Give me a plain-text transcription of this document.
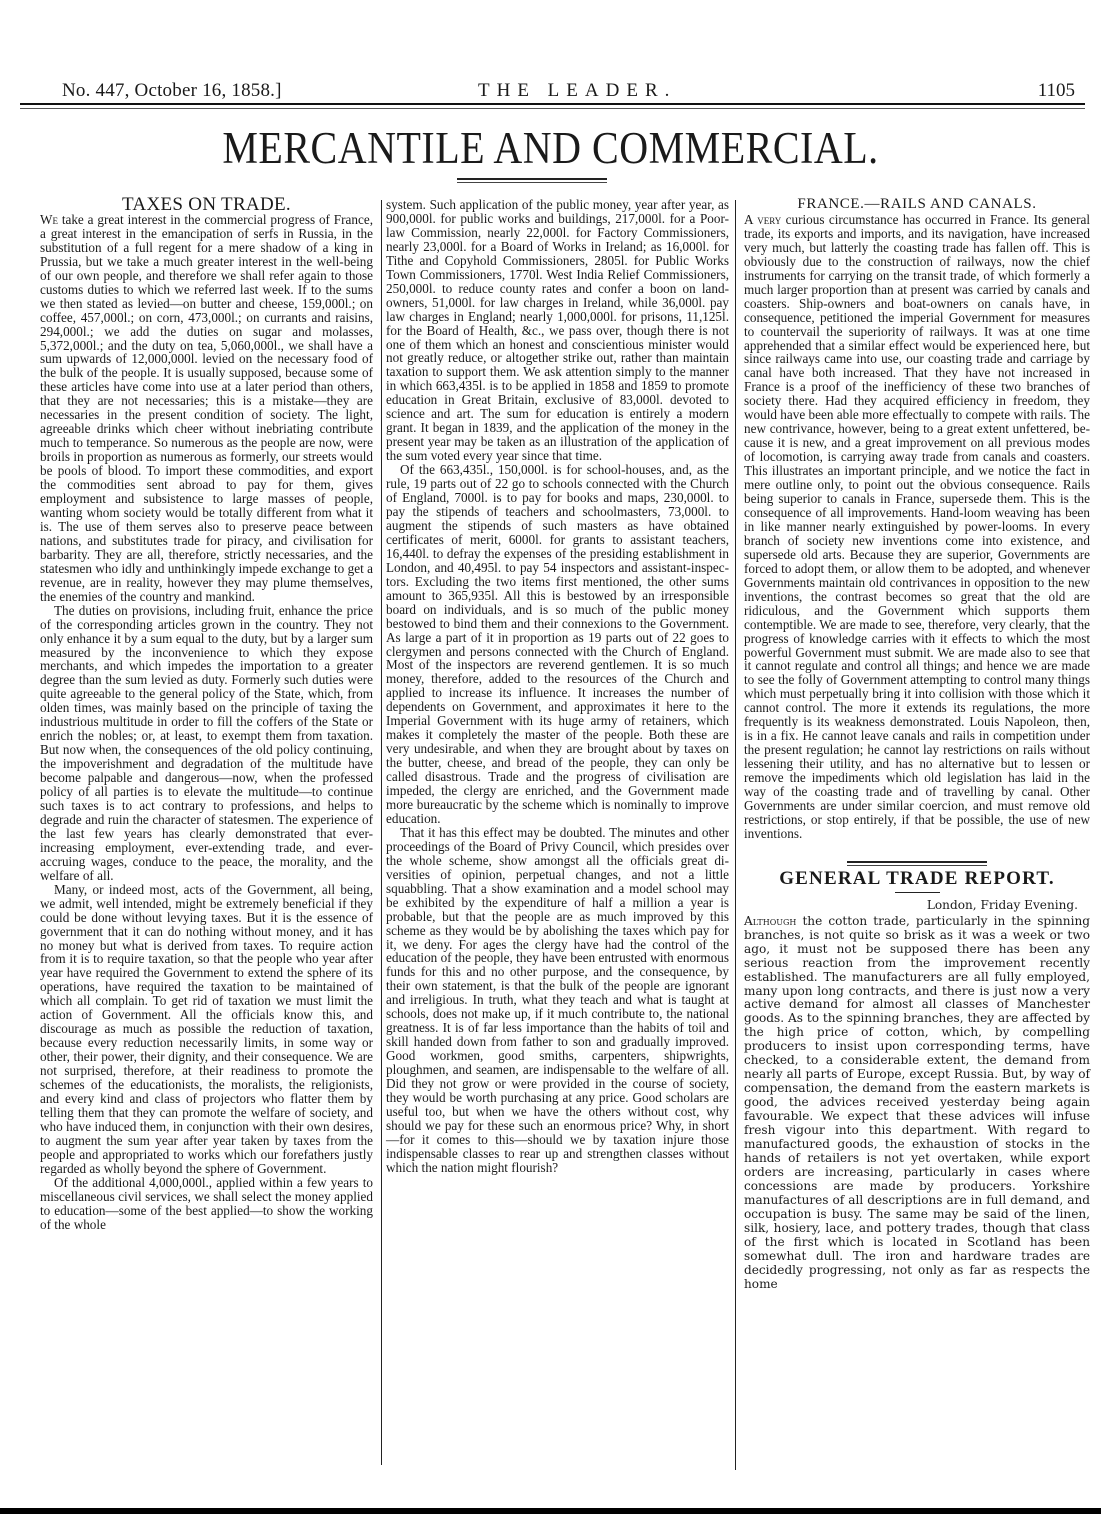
No. 447, October 16, 1858.]	THE LEADER.	1105
MERCANTILE AND COMMERCIAL.
TAXES ON TRADE.

We take a great interest in the commercial progress of France, a great interest in the emancipation of serfs in Russia, in the substitution of a full regent for a mere shadow of a king in Prussia, but we take a much greater interest in the well-being of our own people, and therefore we shall refer again to those customs duties to which we referred last week. If to the sums we then stated as levied—on butter and cheese, 159,000l.; on coffee, 457,000l.; on corn, 473,000l.; on currants and raisins, 294,000l.; we add the duties on sugar and molasses, 5,372,000l.; and the duty on tea, 5,060,000l., we shall have a sum upwards of 12,000,000l. levied on the necessary food of the bulk of the people. It is usually supposed, because some of these articles have come into use at a later period than others, that they are not necessaries; this is a mistake—they are necessaries in the present condition of society. The light, agreeable drinks which cheer without inebriating contribute much to temperance. So numerous as the people are now, were broils in proportion as numerous as formerly, our streets would be pools of blood. To import these commodities, and export the commodities sent abroad to pay for them, gives employment and subsistence to large masses of people, wanting whom society would be totally different from what it is. The use of them serves also to preserve peace between nations, and substitutes trade for piracy, and civilisation for barbarity. They are all, therefore, strictly necessaries, and the statesmen who idly and unthinkingly impede exchange to get a revenue, are in reality, however they may plume themselves, the enemies of the country and mankind.

The duties on provisions, including fruit, enhance the price of the corresponding articles grown in the country. They not only enhance it by a sum equal to the duty, but by a larger sum measured by the inconvenience to which they expose merchants, and which impedes the importation to a greater degree than the sum levied as duty. Formerly such duties were quite agreeable to the general policy of the State, which, from olden times, was mainly based on the principle of taxing the industrious multitude in order to fill the coffers of the State or enrich the nobles; or, at least, to exempt them from taxation. But now when, the consequences of the old policy continuing, the impoverishment and degradation of the multitude have become palpable and dangerous—now, when the professed policy of all parties is to elevate the multitude—to continue such taxes is to act contrary to professions, and helps to degrade and ruin the character of statesmen. The experience of the last few years has clearly demonstrated that ever-increasing employment, ever-extending trade, and ever-accruing wages, conduce to the peace, the morality, and the welfare of all.

Many, or indeed most, acts of the Government, all being, we admit, well intended, might be extremely beneficial if they could be done without levying taxes. But it is the essence of government that it can do nothing without money, and it has no money but what is derived from taxes. To require action from it is to require taxation, so that the people who year after year have required the Government to extend the sphere of its operations, have required the taxation to be maintained of which all complain. To get rid of taxation we must limit the action of Government. All the officials know this, and discourage as much as possible the reduction of taxation, because every reduction necessarily limits, in some way or other, their power, their dignity, and their consequence. We are not surprised, therefore, at their readiness to promote the schemes of the educationists, the moralists, the religionists, and every kind and class of projectors who flatter them by telling them that they can promote the welfare of society, and who have induced them, in conjunction with their own desires, to augment the sum year after year taken by taxes from the people and appropriated to works which our forefathers justly regarded as wholly beyond the sphere of Government.

Of the additional 4,000,000l., applied within a few years to miscellaneous civil services, we shall select the money applied to education—some of the best applied—to show the working of the whole

system. Such application of the public money, year after year, as 900,000l. for public works and buildings, 217,000l. for a Poor-law Commission, nearly 22,000l. for Factory Commissioners, nearly 23,000l. for a Board of Works in Ireland; as 16,000l. for Tithe and Copyhold Commissioners, 2805l. for Public Works Town Commissioners, 1770l. West India Relief Commissioners, 250,000l. to reduce county rates and confer a boon on landowners, 51,000l. for law charges in Ireland, while 36,000l. pay law charges in England; nearly 1,000,000l. for prisons, 11,125l. for the Board of Health, &c., we pass over, though there is not one of them which an honest and conscientious minister would not greatly reduce, or altogether strike out, rather than maintain taxation to support them. We ask attention simply to the manner in which 663,435l. is to be applied in 1858 and 1859 to promote education in Great Britain, exclusive of 83,000l. devoted to science and art. The sum for education is entirely a modern grant. It began in 1839, and the application of the money in the present year may be taken as an illustration of the application of the sum voted every year since that time.

Of the 663,435l., 150,000l. is for school-houses, and, as the rule, 19 parts out of 22 go to schools connected with the Church of England, 7000l. is to pay for books and maps, 230,000l. to pay the stipends of teachers and schoolmasters, 73,000l. to augment the stipends of such masters as have obtained certificates of merit, 6000l. for grants to assistant teachers, 16,440l. to defray the expenses of the presiding establishment in London, and 40,495l. to pay 54 inspectors and assistant-inspectors. Excluding the two items first mentioned, the other sums amount to 365,935l. All this is bestowed by an irresponsible board on individuals, and is so much of the public money bestowed to bind them and their connexions to the Government. As large a part of it in proportion as 19 parts out of 22 goes to clergymen and persons connected with the Church of England. Most of the inspectors are reverend gentlemen. It is so much money, therefore, added to the resources of the Church and applied to increase its influence. It increases the number of dependents on Government, and approximates it here to the Imperial Government with its huge army of retainers, which makes it completely the master of the people. Both these are very undesirable, and when they are brought about by taxes on the butter, cheese, and bread of the people, they can only be called disastrous. Trade and the progress of civilisation are impeded, the clergy are enriched, and the Government made more bureaucratic by the scheme which is nominally to improve education.

That it has this effect may be doubted. The minutes and other proceedings of the Board of Privy Council, which presides over the whole scheme, show amongst all the officials great diversities of opinion, perpetual changes, and not a little squabbling. That a show examination and a model school may be exhibited by the expenditure of half a million a year is probable, but that the people are as much improved by this scheme as they would be by abolishing the taxes which pay for it, we deny. For ages the clergy have had the control of the education of the people, they have been entrusted with enormous funds for this and no other purpose, and the consequence, by their own statement, is that the bulk of the people are ignorant and irreligious. In truth, what they teach and what is taught at schools, does not make up, if it much contribute to, the national greatness. It is of far less importance than the habits of toil and skill handed down from father to son and gradually improved. Good workmen, good smiths, carpenters, shipwrights, ploughmen, and seamen, are indispensable to the welfare of all. Did they not grow or were provided in the course of society, they would be worth purchasing at any price. Good scholars are useful too, but when we have the others without cost, why should we pay for these such an enormous price? Why, in short—for it comes to this—should we by taxation injure those indispensable classes to rear up and strengthen classes without which the nation might flourish?

FRANCE.—RAILS AND CANALS.

A very curious circumstance has occurred in France. Its general trade, its exports and imports, and its navigation, have increased very much, but latterly the coasting trade has fallen off. This is obviously due to the construction of railways, now the chief instruments for carrying on the transit trade, of which formerly a much larger proportion than at present was carried by canals and coasters. Ship-owners and boat-owners on canals have, in consequence, petitioned the imperial Government for measures to countervail the superiority of railways. It was at one time apprehended that a similar effect would be experienced here, but since railways came into use, our coasting trade and carriage by canal have both increased. That they have not increased in France is a proof of the inefficiency of these two branches of society there. Had they acquired efficiency in freedom, they would have been able more effectually to compete with rails. The new contrivance, however, being to a great extent unfettered, because it is new, and a great improvement on all previous modes of locomotion, is carrying away trade from canals and coasters. This illustrates an important principle, and we notice the fact in mere outline only, to point out the obvious consequence. Rails being superior to canals in France, supersede them. This is the consequence of all improvements. Hand-loom weaving has been in like manner nearly extinguished by power-looms. In every branch of society new inventions come into existence, and supersede old arts. Because they are superior, Governments are forced to adopt them, or allow them to be adopted, and whenever Governments maintain old contrivances in opposition to the new inventions, the contrast becomes so great that the old are ridiculous, and the Government which supports them contemptible. We are made to see, therefore, very clearly, that the progress of knowledge carries with it effects to which the most powerful Government must submit. We are made also to see that it cannot regulate and control all things; and hence we are made to see the folly of Government attempting to control many things which must perpetually bring it into collision with those which it cannot control. The more it extends its regulations, the more frequently is its weakness demonstrated. Louis Napoleon, then, is in a fix. He cannot leave canals and rails in competition under the present regulation; he cannot lay restrictions on rails without lessening their utility, and has no alternative but to lessen or remove the impediments which old legislation has laid in the way of the coasting trade and of travelling by canal. Other Governments are under similar coercion, and must remove old restrictions, or stop entirely, if that be possible, the use of new inventions.

GENERAL TRADE REPORT.
London, Friday Evening.

Although the cotton trade, particularly in the spinning branches, is not quite so brisk as it was a week or two ago, it must not be supposed there has been any serious reaction from the improvement recently established. The manufacturers are all fully employed, many upon long contracts, and there is just now a very active demand for almost all classes of Manchester goods. As to the spinning branches, they are affected by the high price of cotton, which, by compelling producers to insist upon corresponding terms, have checked, to a considerable extent, the demand from nearly all parts of Europe, except Russia. But, by way of compensation, the demand from the eastern markets is good, the advices received yesterday being again favourable. We expect that these advices will infuse fresh vigour into this department. With regard to manufactured goods, the exhaustion of stocks in the hands of retailers is not yet overtaken, while export orders are increasing, particularly in cases where concessions are made by producers. Yorkshire manufactures of all descriptions are in full demand, and occupation is busy. The same may be said of the linen, silk, hosiery, lace, and pottery trades, though that class of the first which is located in Scotland has been somewhat dull. The iron and hardware trades are decidedly progressing, not only as far as respects the home
